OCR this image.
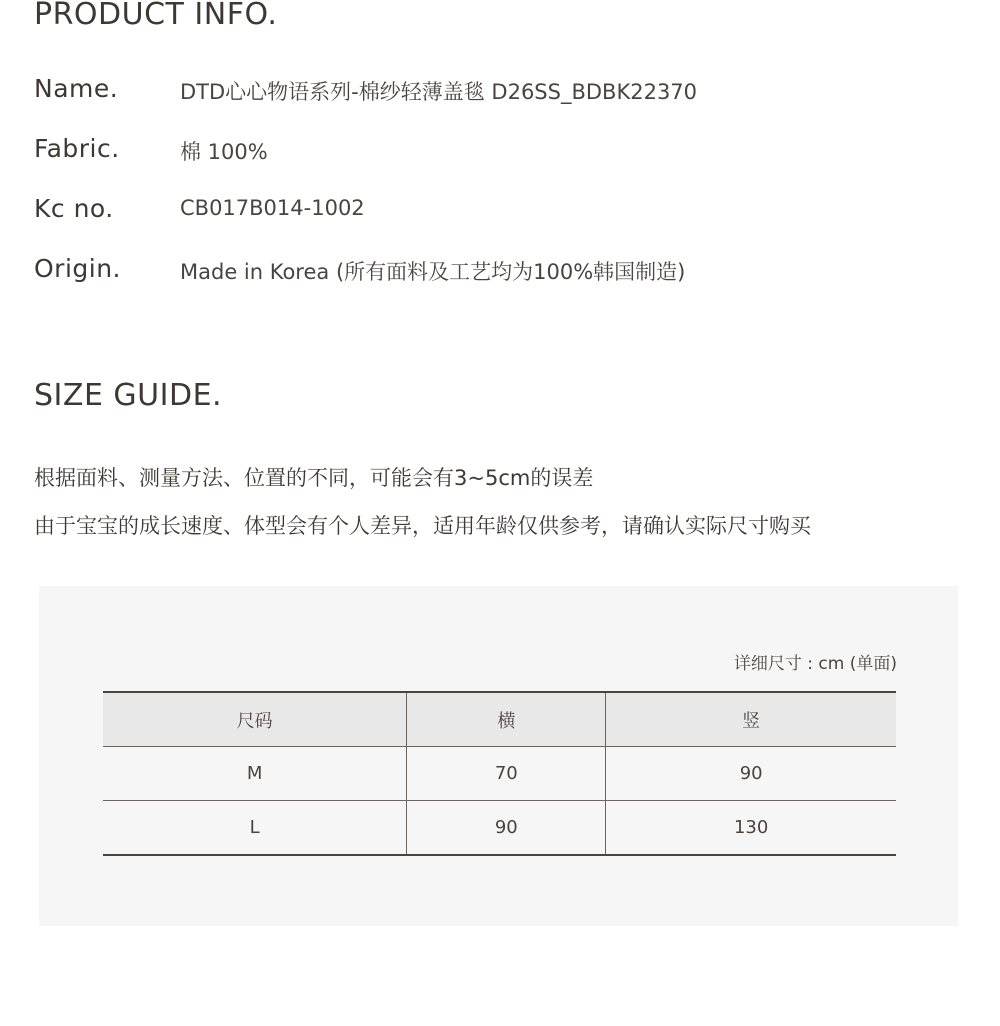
PRODUCT INFO.
Name.	DTD心心物语系列-棉纱轻薄盖毯 D26SS_BDBK22370
Fabric.	棉 100%
Kc no.	CB017B014-1002
Origin.	Made in Korea (所有面料及工艺均为100%韩国制造)
SIZE GUIDE.
根据面料、测量方法、位置的不同，可能会有3~5cm的误差
由于宝宝的成长速度、体型会有个人差异，适用年龄仅供参考，请确认实际尺寸购买
详细尺寸 : cm (单面)
尺码	横	竖
M	70	90
L	90	130
